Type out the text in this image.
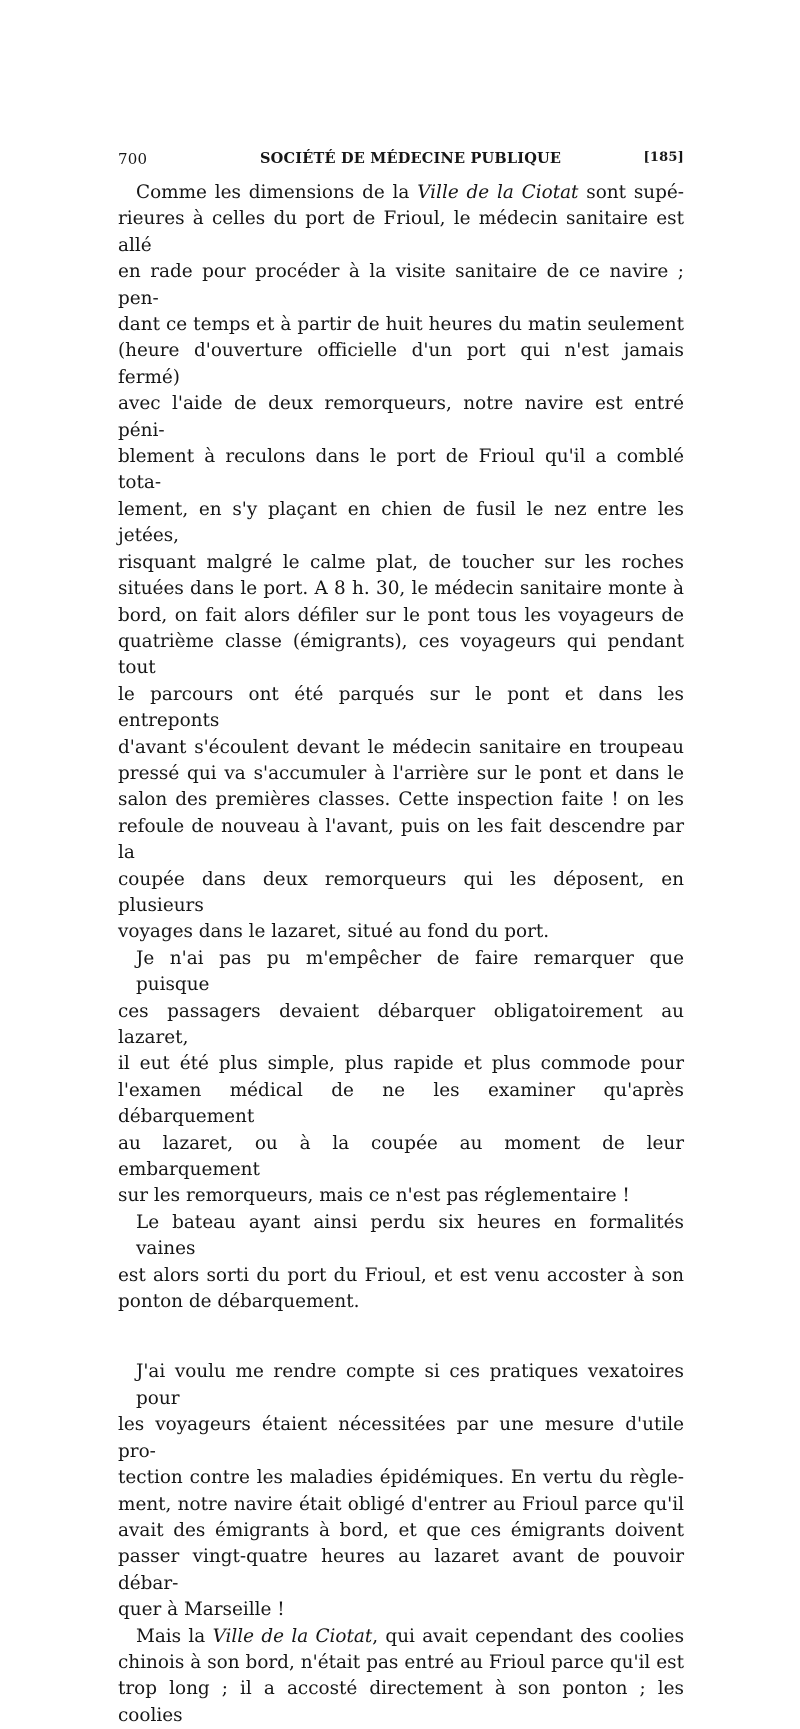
700	SOCIÉTÉ DE MÉDECINE PUBLIQUE	[185]

Comme les dimensions de la Ville de la Ciotat sont supé-
rieures à celles du port de Frioul, le médecin sanitaire est allé
en rade pour procéder à la visite sanitaire de ce navire ; pen-
dant ce temps et à partir de huit heures du matin seulement
(heure d'ouverture officielle d'un port qui n'est jamais fermé)
avec l'aide de deux remorqueurs, notre navire est entré péni-
blement à reculons dans le port de Frioul qu'il a comblé tota-
lement, en s'y plaçant en chien de fusil le nez entre les jetées,
risquant malgré le calme plat, de toucher sur les roches
situées dans le port. A 8 h. 30, le médecin sanitaire monte à
bord, on fait alors défiler sur le pont tous les voyageurs de
quatrième classe (émigrants), ces voyageurs qui pendant tout
le parcours ont été parqués sur le pont et dans les entreponts
d'avant s'écoulent devant le médecin sanitaire en troupeau
pressé qui va s'accumuler à l'arrière sur le pont et dans le
salon des premières classes. Cette inspection faite ! on les
refoule de nouveau à l'avant, puis on les fait descendre par la
coupée dans deux remorqueurs qui les déposent, en plusieurs
voyages dans le lazaret, situé au fond du port.

Je n'ai pas pu m'empêcher de faire remarquer que puisque
ces passagers devaient débarquer obligatoirement au lazaret,
il eut été plus simple, plus rapide et plus commode pour
l'examen médical de ne les examiner qu'après débarquement
au lazaret, ou à la coupée au moment de leur embarquement
sur les remorqueurs, mais ce n'est pas réglementaire !

Le bateau ayant ainsi perdu six heures en formalités vaines
est alors sorti du port du Frioul, et est venu accoster à son
ponton de débarquement.

J'ai voulu me rendre compte si ces pratiques vexatoires pour
les voyageurs étaient nécessitées par une mesure d'utile pro-
tection contre les maladies épidémiques. En vertu du règle-
ment, notre navire était obligé d'entrer au Frioul parce qu'il
avait des émigrants à bord, et que ces émigrants doivent
passer vingt-quatre heures au lazaret avant de pouvoir débar-
quer à Marseille !

Mais la Ville de la Ciotat, qui avait cependant des coolies
chinois à son bord, n'était pas entré au Frioul parce qu'il est
trop long ; il a accosté directement à son ponton ; les coolies
